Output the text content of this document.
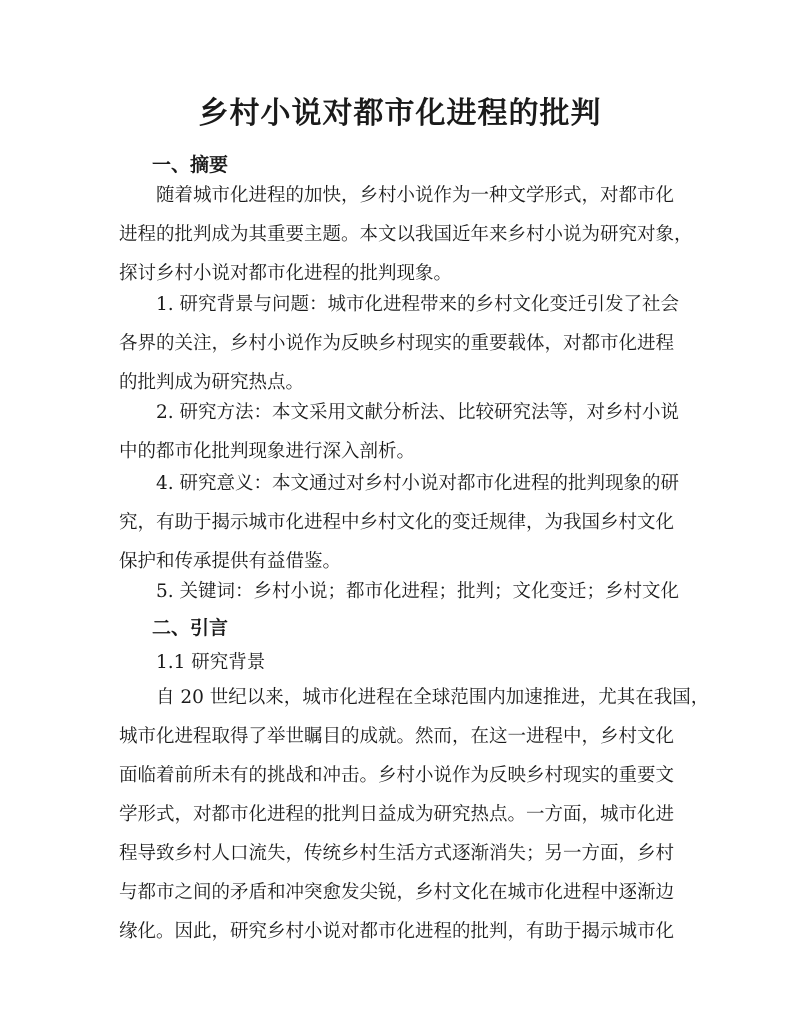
乡村小说对都市化进程的批判
一、摘要
随着城市化进程的加快，乡村小说作为一种文学形式，对都市化
进程的批判成为其重要主题。本文以我国近年来乡村小说为研究对象，
探讨乡村小说对都市化进程的批判现象。
1. 研究背景与问题：城市化进程带来的乡村文化变迁引发了社会
各界的关注，乡村小说作为反映乡村现实的重要载体，对都市化进程
的批判成为研究热点。
2. 研究方法：本文采用文献分析法、比较研究法等，对乡村小说
中的都市化批判现象进行深入剖析。
4. 研究意义：本文通过对乡村小说对都市化进程的批判现象的研
究，有助于揭示城市化进程中乡村文化的变迁规律，为我国乡村文化
保护和传承提供有益借鉴。
5. 关键词：乡村小说；都市化进程；批判；文化变迁；乡村文化
二、引言
1.1 研究背景
自 20 世纪以来，城市化进程在全球范围内加速推进，尤其在我国，
城市化进程取得了举世瞩目的成就。然而，在这一进程中，乡村文化
面临着前所未有的挑战和冲击。乡村小说作为反映乡村现实的重要文
学形式，对都市化进程的批判日益成为研究热点。一方面，城市化进
程导致乡村人口流失，传统乡村生活方式逐渐消失；另一方面，乡村
与都市之间的矛盾和冲突愈发尖锐，乡村文化在城市化进程中逐渐边
缘化。因此，研究乡村小说对都市化进程的批判，有助于揭示城市化
